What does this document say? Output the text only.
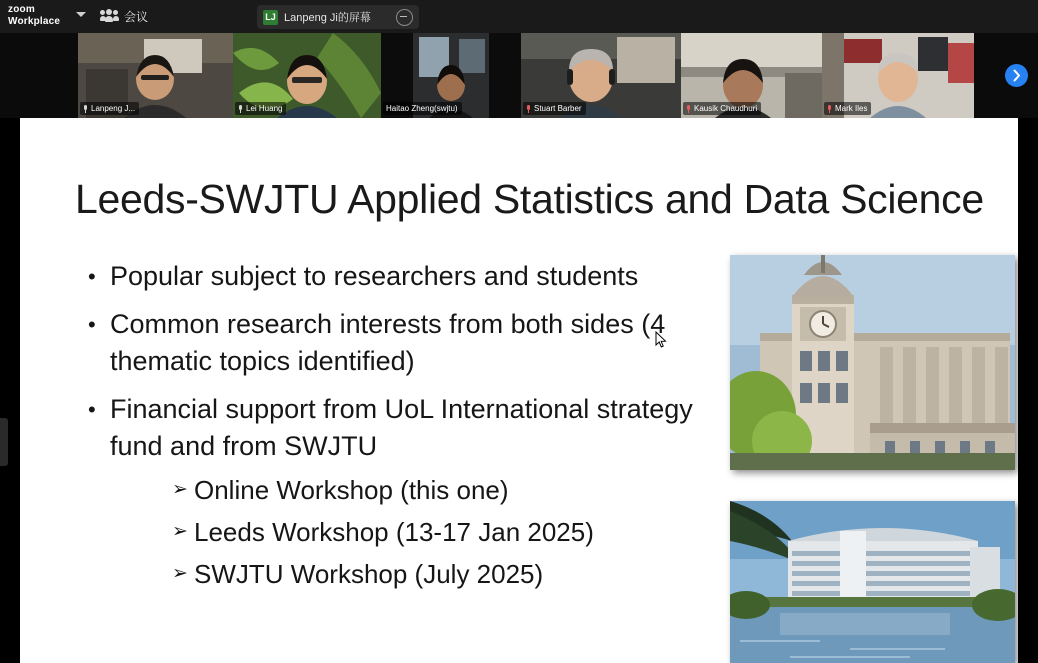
zoom
Workplace	会议	LJ Lanpeng Ji的屏幕
Lanpeng J...	Lei Huang	Haitao Zheng(swjtu)	Stuart Barber	Kausik Chaudhuri	Mark Iles
Leeds-SWJTU Applied Statistics and Data Science
• Popular subject to researchers and students
• Common research interests from both sides (4 thematic topics identified)
• Financial support from UoL International strategy fund and from SWJTU
➢ Online Workshop (this one)
➢ Leeds Workshop (13-17 Jan 2025)
➢ SWJTU Workshop (July 2025)
